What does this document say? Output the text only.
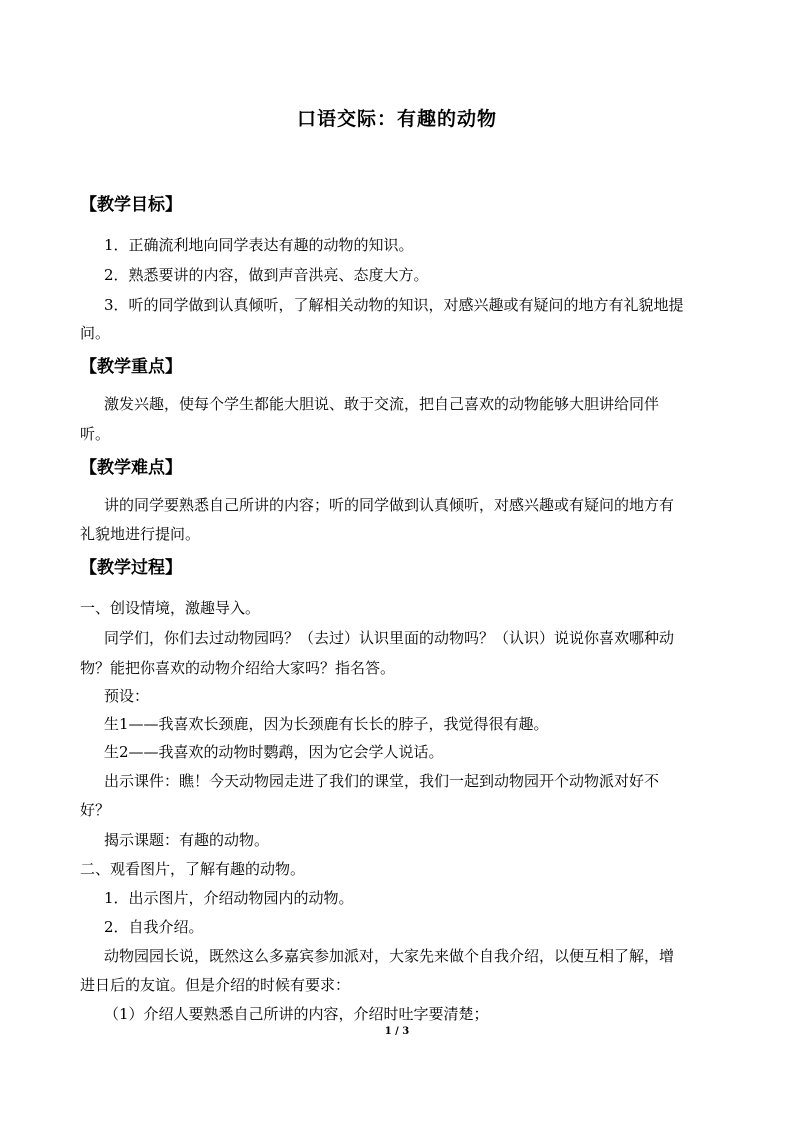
口语交际：有趣的动物
【教学目标】
1．正确流利地向同学表达有趣的动物的知识。
2．熟悉要讲的内容，做到声音洪亮、态度大方。
3．听的同学做到认真倾听，了解相关动物的知识，对感兴趣或有疑问的地方有礼貌地提
问。
【教学重点】
激发兴趣，使每个学生都能大胆说、敢于交流，把自己喜欢的动物能够大胆讲给同伴
听。
【教学难点】
讲的同学要熟悉自己所讲的内容；听的同学做到认真倾听，对感兴趣或有疑问的地方有
礼貌地进行提问。
【教学过程】
一、创设情境，激趣导入。
同学们，你们去过动物园吗？（去过）认识里面的动物吗？（认识）说说你喜欢哪种动
物？能把你喜欢的动物介绍给大家吗？指名答。
预设：
生1——我喜欢长颈鹿，因为长颈鹿有长长的脖子，我觉得很有趣。
生2——我喜欢的动物时鹦鹉，因为它会学人说话。
出示课件：瞧！今天动物园走进了我们的课堂，我们一起到动物园开个动物派对好不
好？
揭示课题：有趣的动物。
二、观看图片，了解有趣的动物。
1．出示图片，介绍动物园内的动物。
2．自我介绍。
动物园园长说，既然这么多嘉宾参加派对，大家先来做个自我介绍，以便互相了解，增
进日后的友谊。但是介绍的时候有要求：
（1）介绍人要熟悉自己所讲的内容，介绍时吐字要清楚；
1 / 3
